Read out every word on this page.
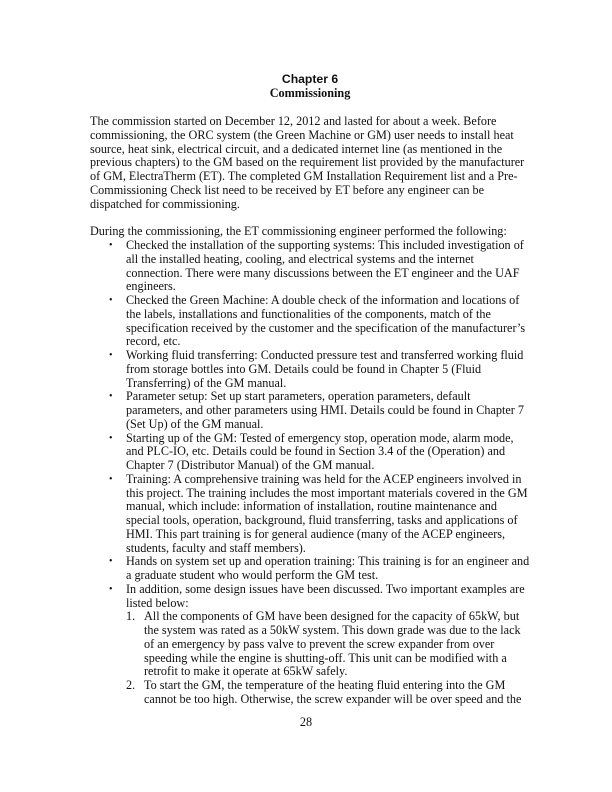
Chapter 6
Commissioning

The commission started on December 12, 2012 and lasted for about a week. Before commissioning, the ORC system (the Green Machine or GM) user needs to install heat source, heat sink, electrical circuit, and a dedicated internet line (as mentioned in the previous chapters) to the GM based on the requirement list provided by the manufacturer of GM, ElectraTherm (ET). The completed GM Installation Requirement list and a Pre-Commissioning Check list need to be received by ET before any engineer can be dispatched for commissioning.

During the commissioning, the ET commissioning engineer performed the following:

• Checked the installation of the supporting systems: This included investigation of all the installed heating, cooling, and electrical systems and the internet connection. There were many discussions between the ET engineer and the UAF engineers.
• Checked the Green Machine: A double check of the information and locations of the labels, installations and functionalities of the components, match of the specification received by the customer and the specification of the manufacturer’s record, etc.
• Working fluid transferring: Conducted pressure test and transferred working fluid from storage bottles into GM. Details could be found in Chapter 5 (Fluid Transferring) of the GM manual.
• Parameter setup: Set up start parameters, operation parameters, default parameters, and other parameters using HMI. Details could be found in Chapter 7 (Set Up) of the GM manual.
• Starting up of the GM: Tested of emergency stop, operation mode, alarm mode, and PLC-IO, etc. Details could be found in Section 3.4 of the (Operation) and Chapter 7 (Distributor Manual) of the GM manual.
• Training: A comprehensive training was held for the ACEP engineers involved in this project. The training includes the most important materials covered in the GM manual, which include: information of installation, routine maintenance and special tools, operation, background, fluid transferring, tasks and applications of HMI. This part training is for general audience (many of the ACEP engineers, students, faculty and staff members).
• Hands on system set up and operation training: This training is for an engineer and a graduate student who would perform the GM test.
• In addition, some design issues have been discussed. Two important examples are listed below:
1. All the components of GM have been designed for the capacity of 65kW, but the system was rated as a 50kW system. This down grade was due to the lack of an emergency by pass valve to prevent the screw expander from over speeding while the engine is shutting-off. This unit can be modified with a retrofit to make it operate at 65kW safely.
2. To start the GM, the temperature of the heating fluid entering into the GM cannot be too high. Otherwise, the screw expander will be over speed and the
28
